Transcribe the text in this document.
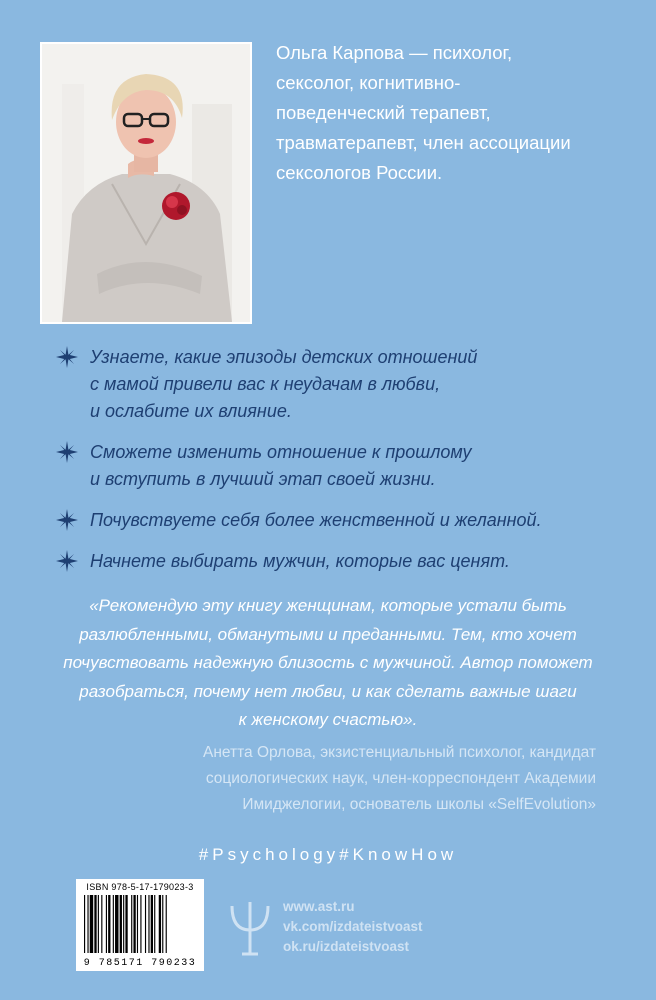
Ольга Карпова — психолог,
сексолог, когнитивно-
поведенческий терапевт,
травматерапевт, член ассоциации
сексологов России.
Узнаете, какие эпизоды детских отношений
с мамой привели вас к неудачам в любви,
и ослабите их влияние.
Сможете изменить отношение к прошлому
и вступить в лучший этап своей жизни.
Почувствуете себя более женственной и желанной.
Начнете выбирать мужчин, которые вас ценят.
«Рекомендую эту книгу женщинам, которые устали быть
разлюбленными, обманутыми и преданными. Тем, кто хочет
почувствовать надежную близость с мужчиной. Автор поможет
разобраться, почему нет любви, и как сделать важные шаги
к женскому счастью».
Анетта Орлова, экзистенциальный психолог, кандидат
социологических наук, член-корреспондент Академии
Имиджелогии, основатель школы «SelfEvolution»
#Psychology#KnowHow
ISBN 978-5-17-179023-3
9 785171 790233
www.ast.ru
vk.com/izdateistvoast
ok.ru/izdateistvoast
